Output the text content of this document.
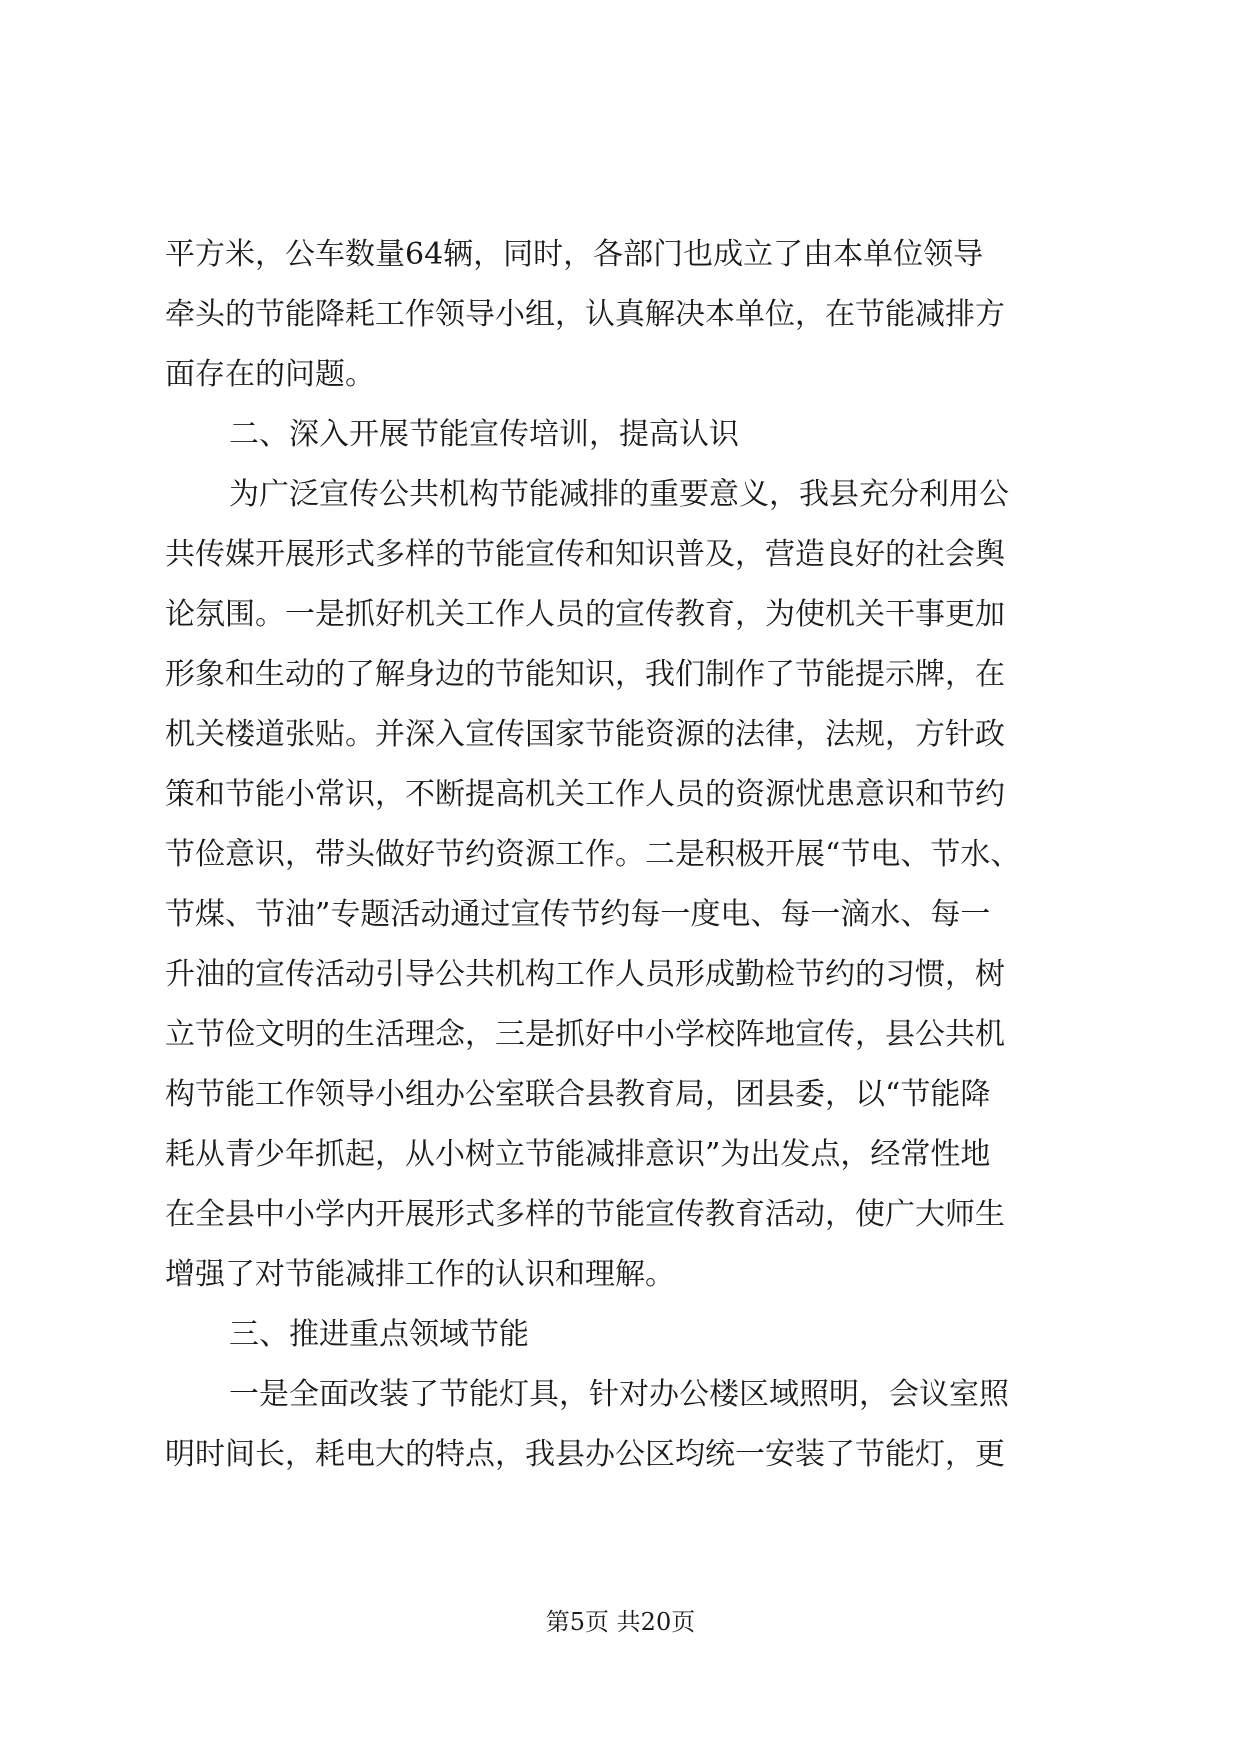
平方米，公车数量64辆，同时，各部门也成立了由本单位领导
牵头的节能降耗工作领导小组，认真解决本单位，在节能减排方
面存在的问题。
二、深入开展节能宣传培训，提高认识
为广泛宣传公共机构节能减排的重要意义，我县充分利用公
共传媒开展形式多样的节能宣传和知识普及，营造良好的社会舆
论氛围。一是抓好机关工作人员的宣传教育，为使机关干事更加
形象和生动的了解身边的节能知识，我们制作了节能提示牌，在
机关楼道张贴。并深入宣传国家节能资源的法律，法规，方针政
策和节能小常识，不断提高机关工作人员的资源忧患意识和节约
节俭意识，带头做好节约资源工作。二是积极开展“节电、节水、
节煤、节油”专题活动通过宣传节约每一度电、每一滴水、每一
升油的宣传活动引导公共机构工作人员形成勤检节约的习惯，树
立节俭文明的生活理念，三是抓好中小学校阵地宣传，县公共机
构节能工作领导小组办公室联合县教育局，团县委，以“节能降
耗从青少年抓起，从小树立节能减排意识”为出发点，经常性地
在全县中小学内开展形式多样的节能宣传教育活动，使广大师生
增强了对节能减排工作的认识和理解。
三、推进重点领域节能
一是全面改装了节能灯具，针对办公楼区域照明，会议室照
明时间长，耗电大的特点，我县办公区均统一安装了节能灯，更
第5页 共20页
